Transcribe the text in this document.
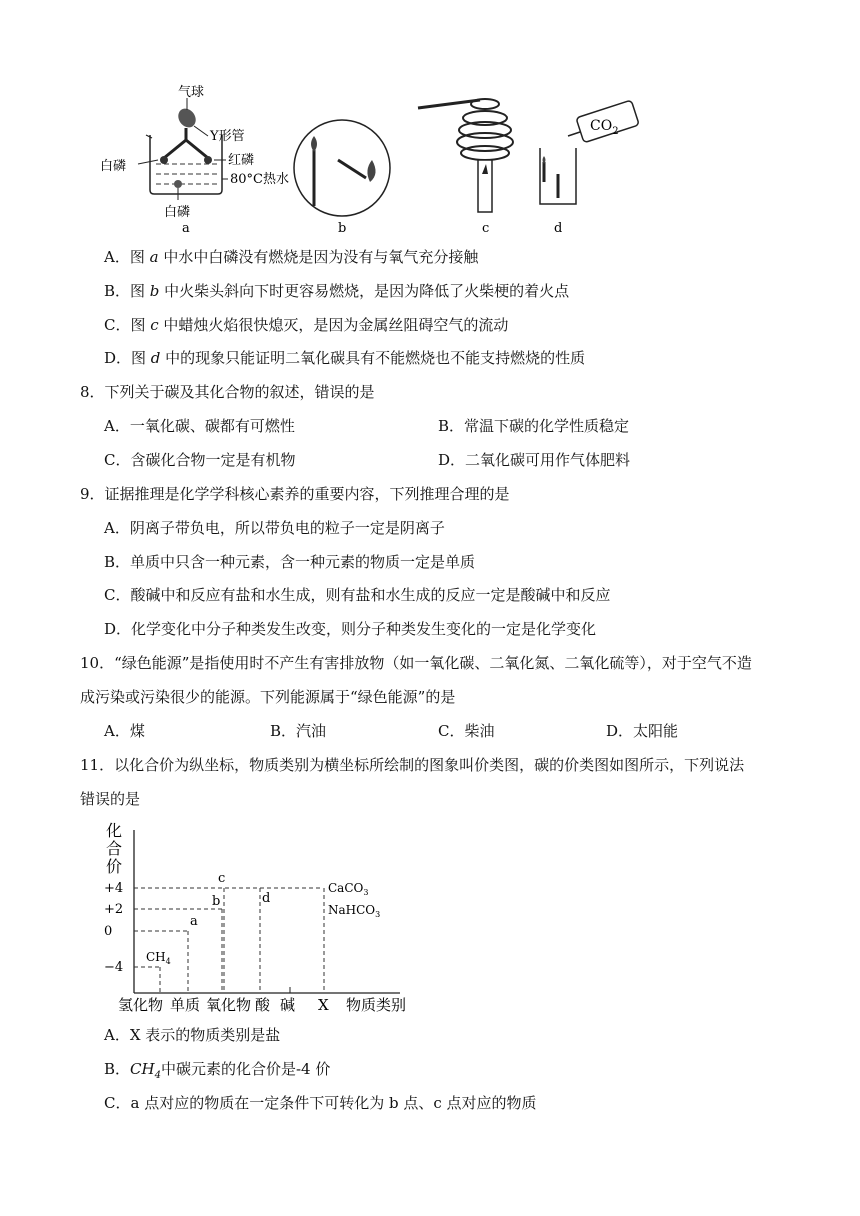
气球
Y形管
白磷	红磷
80°C热水
白磷
a	b	c
$CO_2$
d
A．图 a 中水中白磷没有燃烧是因为没有与氧气充分接触
B．图 b 中火柴头斜向下时更容易燃烧，是因为降低了火柴梗的着火点
C．图 c 中蜡烛火焰很快熄灭，是因为金属丝阻碍空气的流动
D．图 d 中的现象只能证明二氧化碳具有不能燃烧也不能支持燃烧的性质
8．下列关于碳及其化合物的叙述，错误的是
A．一氧化碳、碳都有可燃性	B．常温下碳的化学性质稳定
C．含碳化合物一定是有机物	D．二氧化碳可用作气体肥料
9．证据推理是化学学科核心素养的重要内容，下列推理合理的是
A．阴离子带负电，所以带负电的粒子一定是阴离子
B．单质中只含一种元素，含一种元素的物质一定是单质
C．酸碱中和反应有盐和水生成，则有盐和水生成的反应一定是酸碱中和反应
D．化学变化中分子种类发生改变，则分子种类发生变化的一定是化学变化
10．“绿色能源”是指使用时不产生有害排放物（如一氧化碳、二氧化氮、二氧化硫等），对于空气不造
成污染或污染很少的能源。下列能源属于“绿色能源”的是
A．煤	B．汽油	C．柴油	D．太阳能
11．以化合价为纵坐标，物质类别为横坐标所绘制的图象叫价类图，碳的价类图如图所示，下列说法
错误的是
化
合
价
+4
+2
0
−4
氢化物 单质 氧化物 酸 碱 X 物质类别
$CH_4$
a
b
c
d
CaCO$_3$
NaHCO$_3$
A．X 表示的物质类别是盐
B．$CH_4$中碳元素的化合价是-4 价
C．a 点对应的物质在一定条件下可转化为 b 点、c 点对应的物质
